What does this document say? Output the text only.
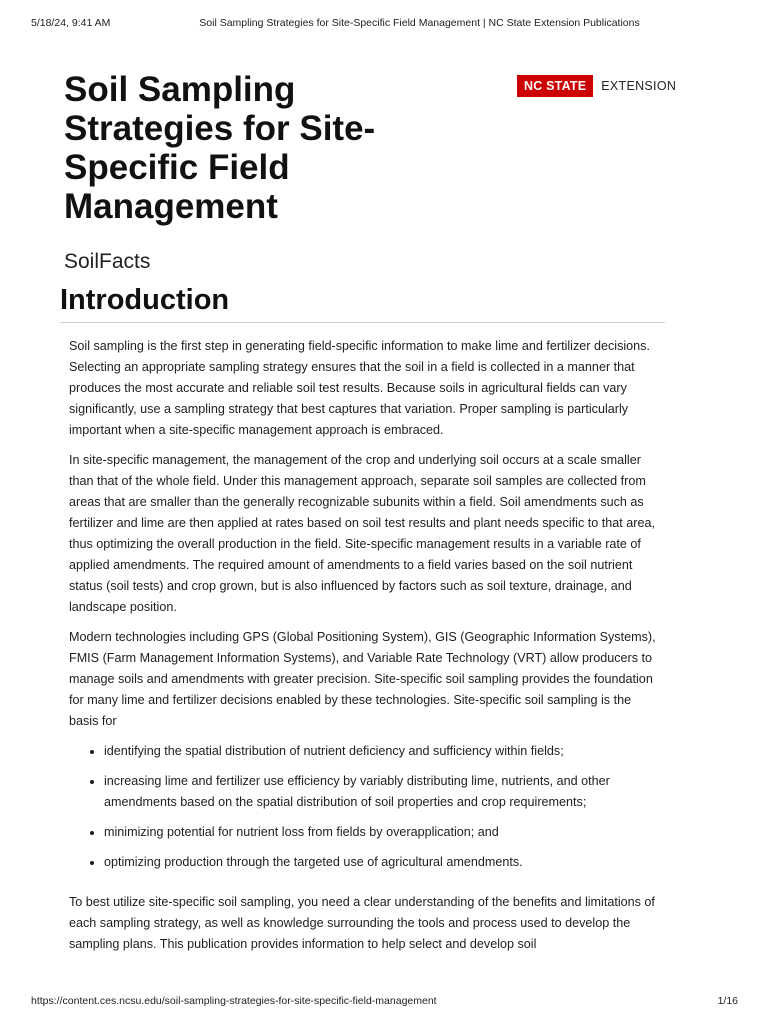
5/18/24, 9:41 AM	Soil Sampling Strategies for Site-Specific Field Management | NC State Extension Publications
NC STATE	EXTENSION
Soil Sampling Strategies for Site-Specific Field Management
SoilFacts
Introduction

Soil sampling is the first step in generating field-specific information to make lime and fertilizer decisions. Selecting an appropriate sampling strategy ensures that the soil in a field is collected in a manner that produces the most accurate and reliable soil test results. Because soils in agricultural fields can vary significantly, use a sampling strategy that best captures that variation. Proper sampling is particularly important when a site-specific management approach is embraced.

In site-specific management, the management of the crop and underlying soil occurs at a scale smaller than that of the whole field. Under this management approach, separate soil samples are collected from areas that are smaller than the generally recognizable subunits within a field. Soil amendments such as fertilizer and lime are then applied at rates based on soil test results and plant needs specific to that area, thus optimizing the overall production in the field. Site-specific management results in a variable rate of applied amendments. The required amount of amendments to a field varies based on the soil nutrient status (soil tests) and crop grown, but is also influenced by factors such as soil texture, drainage, and landscape position.

Modern technologies including GPS (Global Positioning System), GIS (Geographic Information Systems), FMIS (Farm Management Information Systems), and Variable Rate Technology (VRT) allow producers to manage soils and amendments with greater precision. Site-specific soil sampling provides the foundation for many lime and fertilizer decisions enabled by these technologies. Site-specific soil sampling is the basis for

• identifying the spatial distribution of nutrient deficiency and sufficiency within fields;
• increasing lime and fertilizer use efficiency by variably distributing lime, nutrients, and other amendments based on the spatial distribution of soil properties and crop requirements;
• minimizing potential for nutrient loss from fields by overapplication; and
• optimizing production through the targeted use of agricultural amendments.

To best utilize site-specific soil sampling, you need a clear understanding of the benefits and limitations of each sampling strategy, as well as knowledge surrounding the tools and process used to develop the sampling plans. This publication provides information to help select and develop soil

https://content.ces.ncsu.edu/soil-sampling-strategies-for-site-specific-field-management	1/16
